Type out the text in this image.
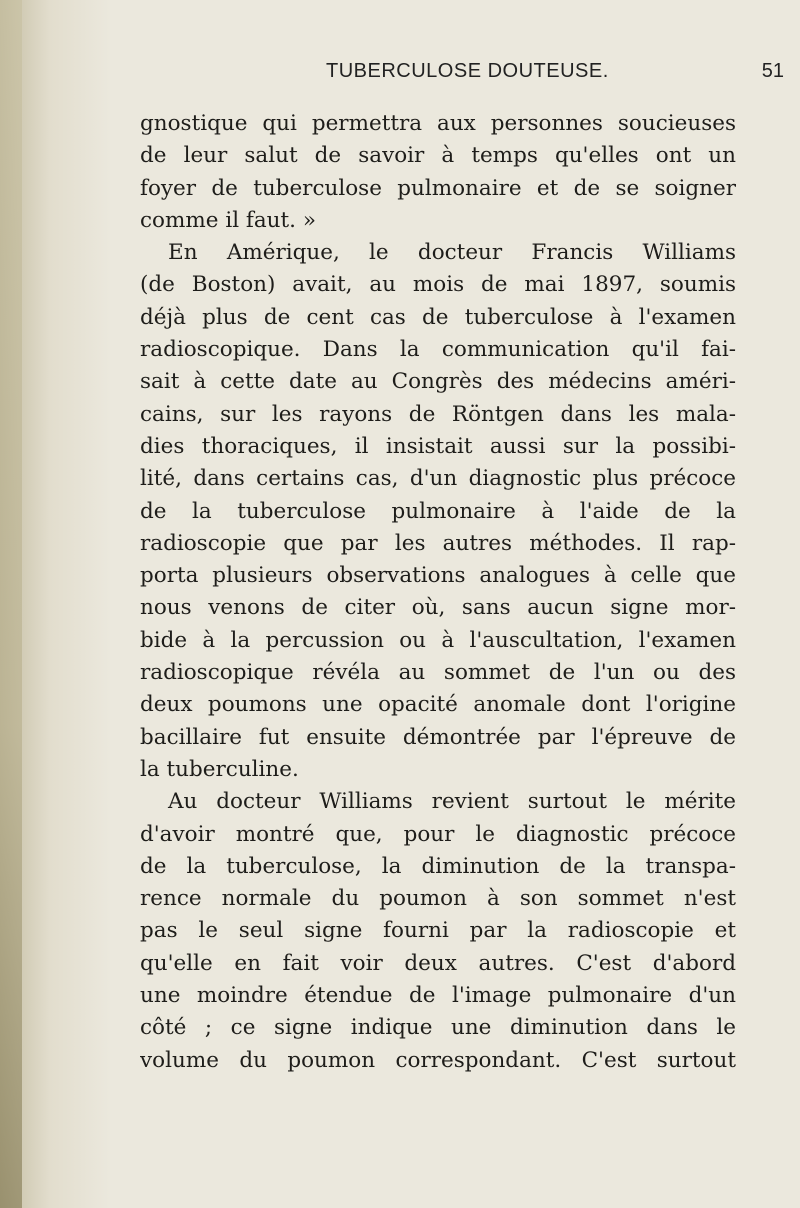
TUBERCULOSE DOUTEUSE.	51
gnostique qui permettra aux personnes soucieuses
de leur salut de savoir à temps qu'elles ont un
foyer de tuberculose pulmonaire et de se soigner
comme il faut. »
En Amérique, le docteur Francis Williams
(de Boston) avait, au mois de mai 1897, soumis
déjà plus de cent cas de tuberculose à l'examen
radioscopique. Dans la communication qu'il fai-
sait à cette date au Congrès des médecins améri-
cains, sur les rayons de Röntgen dans les mala-
dies thoraciques, il insistait aussi sur la possibi-
lité, dans certains cas, d'un diagnostic plus précoce
de la tuberculose pulmonaire à l'aide de la
radioscopie que par les autres méthodes. Il rap-
porta plusieurs observations analogues à celle que
nous venons de citer où, sans aucun signe mor-
bide à la percussion ou à l'auscultation, l'examen
radioscopique révéla au sommet de l'un ou des
deux poumons une opacité anomale dont l'origine
bacillaire fut ensuite démontrée par l'épreuve de
la tuberculine.
Au docteur Williams revient surtout le mérite
d'avoir montré que, pour le diagnostic précoce
de la tuberculose, la diminution de la transpa-
rence normale du poumon à son sommet n'est
pas le seul signe fourni par la radioscopie et
qu'elle en fait voir deux autres. C'est d'abord
une moindre étendue de l'image pulmonaire d'un
côté ; ce signe indique une diminution dans le
volume du poumon correspondant. C'est surtout
